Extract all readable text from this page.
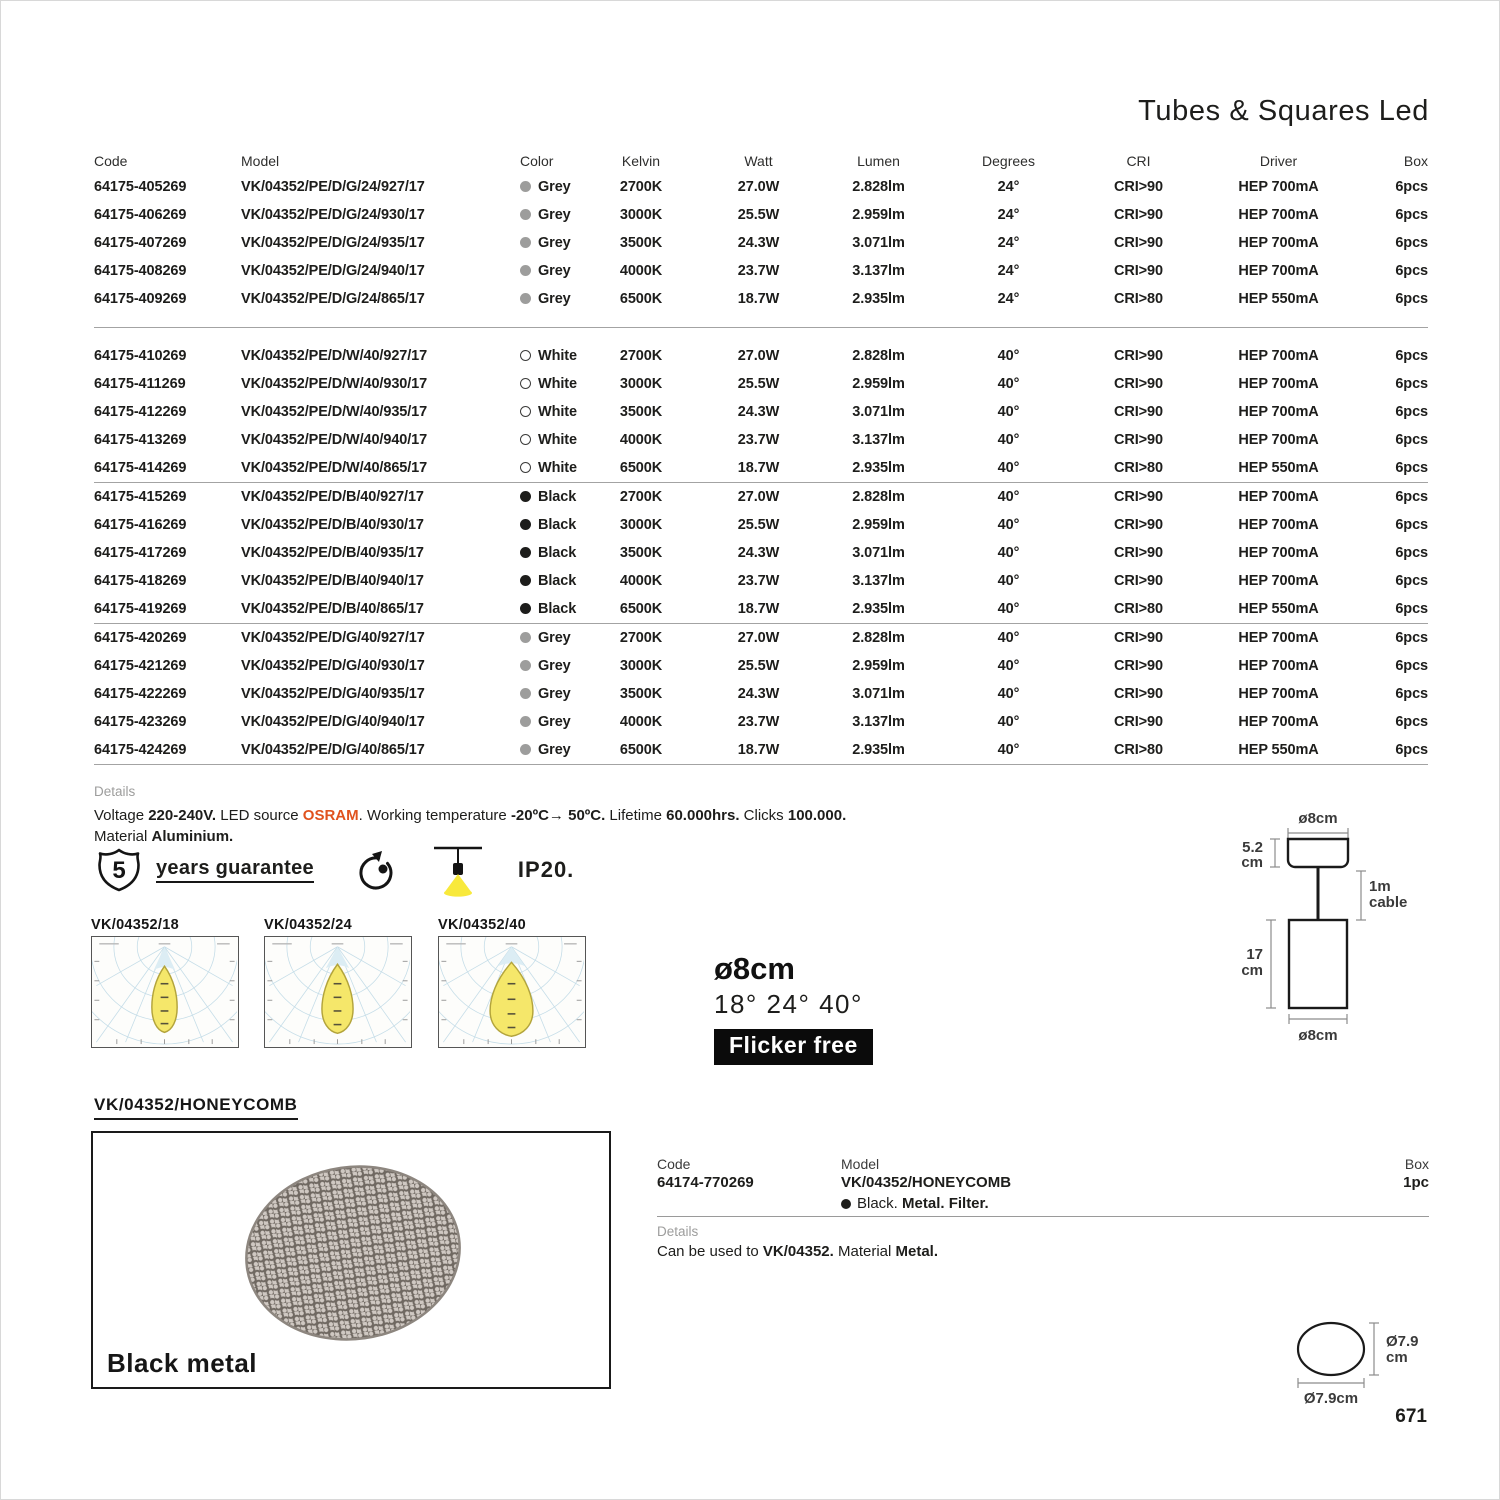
Tubes & Squares Led
Code	Model	Color	Kelvin	Watt	Lumen	Degrees	CRI	Driver	Box
64175-405269	VK/04352/PE/D/G/24/927/17	Grey	2700K	27.0W	2.828lm	24°	CRI>90	HEP 700mA	6pcs
64175-406269	VK/04352/PE/D/G/24/930/17	Grey	3000K	25.5W	2.959lm	24°	CRI>90	HEP 700mA	6pcs
64175-407269	VK/04352/PE/D/G/24/935/17	Grey	3500K	24.3W	3.071lm	24°	CRI>90	HEP 700mA	6pcs
64175-408269	VK/04352/PE/D/G/24/940/17	Grey	4000K	23.7W	3.137lm	24°	CRI>90	HEP 700mA	6pcs
64175-409269	VK/04352/PE/D/G/24/865/17	Grey	6500K	18.7W	2.935lm	24°	CRI>80	HEP 550mA	6pcs
64175-410269	VK/04352/PE/D/W/40/927/17	White	2700K	27.0W	2.828lm	40°	CRI>90	HEP 700mA	6pcs
64175-411269	VK/04352/PE/D/W/40/930/17	White	3000K	25.5W	2.959lm	40°	CRI>90	HEP 700mA	6pcs
64175-412269	VK/04352/PE/D/W/40/935/17	White	3500K	24.3W	3.071lm	40°	CRI>90	HEP 700mA	6pcs
64175-413269	VK/04352/PE/D/W/40/940/17	White	4000K	23.7W	3.137lm	40°	CRI>90	HEP 700mA	6pcs
64175-414269	VK/04352/PE/D/W/40/865/17	White	6500K	18.7W	2.935lm	40°	CRI>80	HEP 550mA	6pcs
64175-415269	VK/04352/PE/D/B/40/927/17	Black	2700K	27.0W	2.828lm	40°	CRI>90	HEP 700mA	6pcs
64175-416269	VK/04352/PE/D/B/40/930/17	Black	3000K	25.5W	2.959lm	40°	CRI>90	HEP 700mA	6pcs
64175-417269	VK/04352/PE/D/B/40/935/17	Black	3500K	24.3W	3.071lm	40°	CRI>90	HEP 700mA	6pcs
64175-418269	VK/04352/PE/D/B/40/940/17	Black	4000K	23.7W	3.137lm	40°	CRI>90	HEP 700mA	6pcs
64175-419269	VK/04352/PE/D/B/40/865/17	Black	6500K	18.7W	2.935lm	40°	CRI>80	HEP 550mA	6pcs
64175-420269	VK/04352/PE/D/G/40/927/17	Grey	2700K	27.0W	2.828lm	40°	CRI>90	HEP 700mA	6pcs
64175-421269	VK/04352/PE/D/G/40/930/17	Grey	3000K	25.5W	2.959lm	40°	CRI>90	HEP 700mA	6pcs
64175-422269	VK/04352/PE/D/G/40/935/17	Grey	3500K	24.3W	3.071lm	40°	CRI>90	HEP 700mA	6pcs
64175-423269	VK/04352/PE/D/G/40/940/17	Grey	4000K	23.7W	3.137lm	40°	CRI>90	HEP 700mA	6pcs
64175-424269	VK/04352/PE/D/G/40/865/17	Grey	6500K	18.7W	2.935lm	40°	CRI>80	HEP 550mA	6pcs
Details
Voltage 220-240V. LED source OSRAM. Working temperature -20ºC→ 50ºC. Lifetime 60.000hrs. Clicks 100.000.
Material Aluminium.
5 years guarantee	IP20.
VK/04352/18	VK/04352/24	VK/04352/40
ø8cm
18° 24° 40°
Flicker free
ø8cm
5.2
cm
1m
cable
17
cm
ø8cm
VK/04352/HONEYCOMB
Black metal
Code
64174-770269
Model
VK/04352/HONEYCOMB
Black. Metal. Filter.
Box
1pc
Details
Can be used to VK/04352. Material Metal.
Ø7.9
cm
Ø7.9cm
671
